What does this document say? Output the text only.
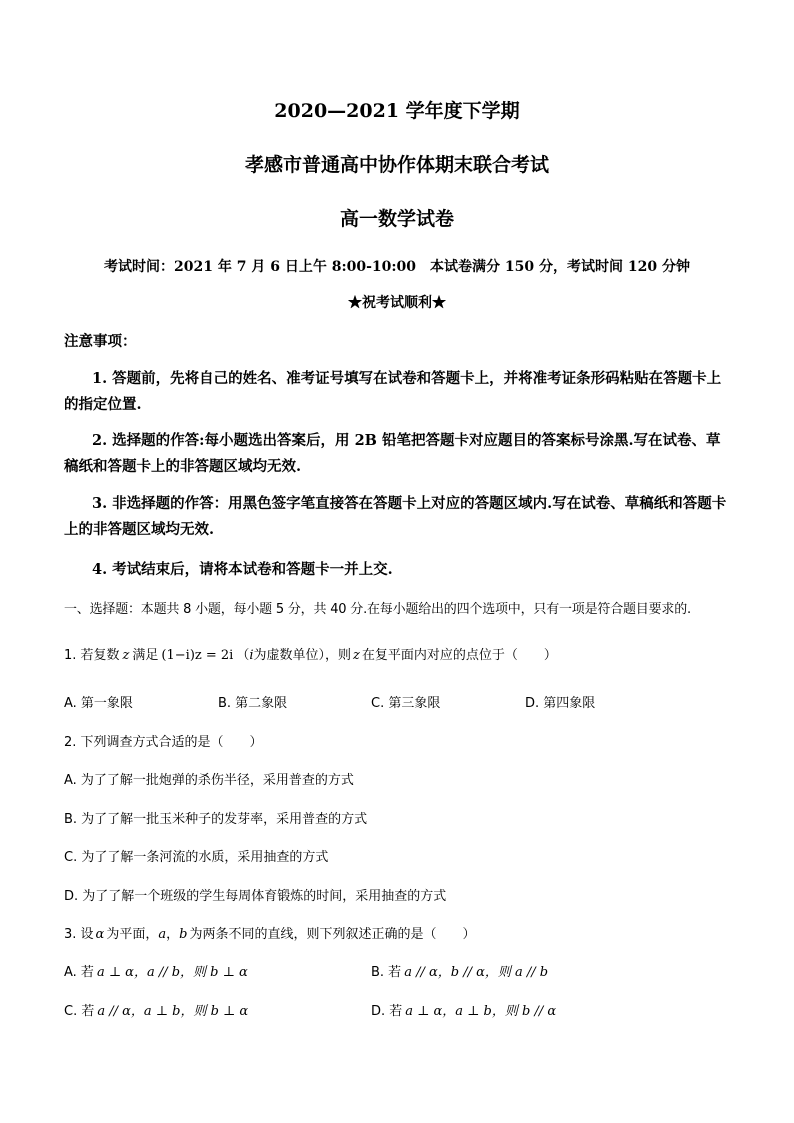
2020—2021 学年度下学期
孝感市普通高中协作体期末联合考试
高一数学试卷
考试时间：2021 年 7 月 6 日上午 8:00-10:00　本试卷满分 150 分，考试时间 120 分钟
★祝考试顺利★
注意事项：
1. 答题前，先将自己的姓名、准考证号填写在试卷和答题卡上，并将准考证条形码粘贴在答题卡上的指定位置.
2. 选择题的作答:每小题选出答案后，用 2B 铅笔把答题卡对应题目的答案标号涂黑.写在试卷、草稿纸和答题卡上的非答题区域均无效.
3. 非选择题的作答：用黑色签字笔直接答在答题卡上对应的答题区域内.写在试卷、草稿纸和答题卡上的非答题区域均无效.
4. 考试结束后，请将本试卷和答题卡一并上交.
一、选择题：本题共 8 小题，每小题 5 分，共 40 分.在每小题给出的四个选项中，只有一项是符合题目要求的.
1. 若复数 z 满足 (1−i)z = 2i （i为虚数单位），则 z 在复平面内对应的点位于（　　）
A. 第一象限	B. 第二象限	C. 第三象限	D. 第四象限
2. 下列调查方式合适的是（　　）
A. 为了了解一批炮弹的杀伤半径，采用普查的方式
B. 为了了解一批玉米种子的发芽率，采用普查的方式
C. 为了了解一条河流的水质，采用抽查的方式
D. 为了了解一个班级的学生每周体育锻炼的时间，采用抽查的方式
3. 设 α 为平面，a，b 为两条不同的直线，则下列叙述正确的是（　　）
A. 若 a ⊥ α，a // b，则 b ⊥ α	B. 若 a // α，b // α，则 a // b
C. 若 a // α，a ⊥ b，则 b ⊥ α	D. 若 a ⊥ α，a ⊥ b，则 b // α
